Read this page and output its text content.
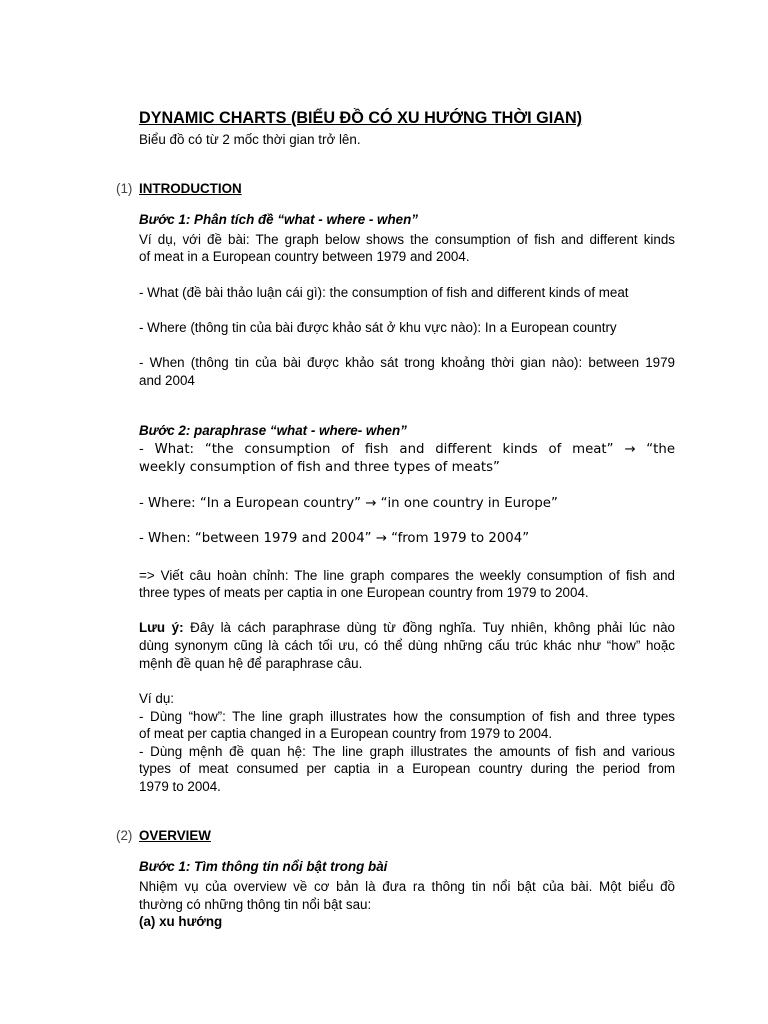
DYNAMIC CHARTS (BIỂU ĐỒ CÓ XU HƯỚNG THỜI GIAN)
Biểu đồ có từ 2 mốc thời gian trở lên.
(1) INTRODUCTION
Bước 1: Phân tích đề “what - where - when”
Ví dụ, với đề bài: The graph below shows the consumption of fish and different kinds
of meat in a European country between 1979 and 2004.
- What (đề bài thảo luận cái gì): the consumption of fish and different kinds of meat
- Where (thông tin của bài được khảo sát ở khu vực nào): In a European country
- When (thông tin của bài được khảo sát trong khoảng thời gian nào): between 1979
and 2004
Bước 2: paraphrase “what - where- when”
- What: “the consumption of fish and different kinds of meat” → “the
weekly consumption of fish and three types of meats”
- Where: “In a European country” → “in one country in Europe”
- When: “between 1979 and 2004” → “from 1979 to 2004”
=> Viết câu hoàn chỉnh: The line graph compares the weekly consumption of fish and
three types of meats per captia in one European country from 1979 to 2004.
Lưu ý: Đây là cách paraphrase dùng từ đồng nghĩa. Tuy nhiên, không phải lúc nào
dùng synonym cũng là cách tối ưu, có thể dùng những cấu trúc khác như “how” hoặc
mệnh đề quan hệ để paraphrase câu.
Ví dụ:
- Dùng “how”: The line graph illustrates how the consumption of fish and three types
of meat per captia changed in a European country from 1979 to 2004.
- Dùng mệnh đề quan hệ: The line graph illustrates the amounts of fish and various
types of meat consumed per captia in a European country during the period from
1979 to 2004.
(2) OVERVIEW
Bước 1: Tìm thông tin nổi bật trong bài
Nhiệm vụ của overview về cơ bản là đưa ra thông tin nổi bật của bài. Một biểu đồ
thường có những thông tin nổi bật sau:
(a) xu hướng
